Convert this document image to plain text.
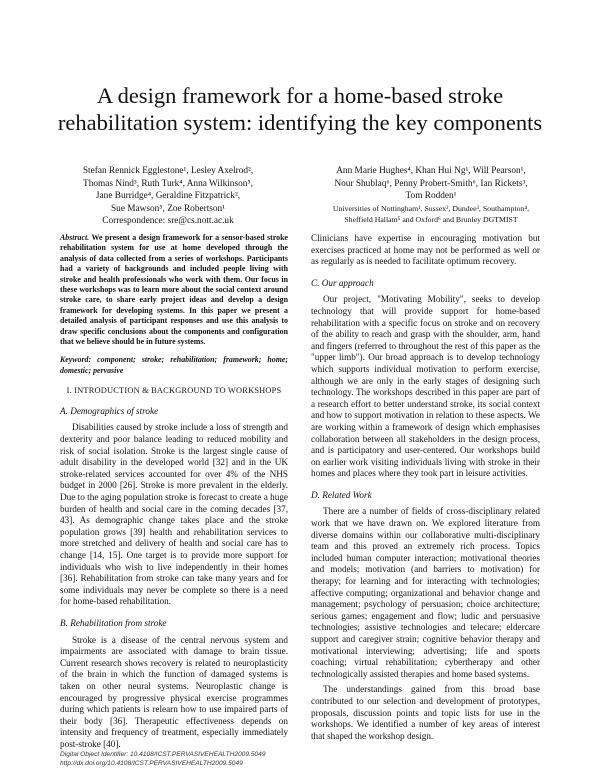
A design framework for a home-based stroke rehabilitation system: identifying the key components
Stefan Rennick Egglestone¹, Lesley Axelrod²,
Thomas Nind³, Ruth Turk⁴, Anna Wilkinson⁵,
Jane Burridge⁴, Geraldine Fitzpatrick²,
Sue Mawson⁵, Zoe Robertson¹
Correspondence: sre@cs.nott.ac.uk
Ann Marie Hughes⁴, Khan Hui Ng¹, Will Pearson¹,
Nour Shublaq⁶, Penny Probert-Smith⁶, Ian Rickets³,
Tom Rodden¹
Universities of Nottingham¹, Sussex², Dundee³, Southampton⁴,
Sheffield Hallam⁵ and Oxford⁶ and Brunley DGTMIST

Abstract. We present a design framework for a sensor-based stroke rehabilitation system for use at home developed through the analysis of data collected from a series of workshops. Participants had a variety of backgrounds and included people living with stroke and health professionals who work with them. Our focus in these workshops was to learn more about the social context around stroke care, to share early project ideas and develop a design framework for developing systems. In this paper we present a detailed analysis of participant responses and use this analysis to draw specific conclusions about the components and configuration that we believe should be in future systems.

Keyword: component; stroke; rehabilitation; framework; home; domestic; pervasive

I. INTRODUCTION & BACKGROUND TO WORKSHOPS

A. Demographics of stroke

Disabilities caused by stroke include a loss of strength and dexterity and poor balance leading to reduced mobility and risk of social isolation. Stroke is the largest single cause of adult disability in the developed world [32] and in the UK stroke-related services accounted for over 4% of the NHS budget in 2000 [26]. Stroke is more prevalent in the elderly. Due to the aging population stroke is forecast to create a huge burden of health and social care in the coming decades [37, 43]. As demographic change takes place and the stroke population grows [39] health and rehabilitation services to more stretched and delivery of health and social care has to change [14, 15]. One target is to provide more support for individuals who wish to live independently in their homes [36]. Rehabilitation from stroke can take many years and for some individuals may never be complete so there is a need for home-based rehabilitation.

B. Rehabilitation from stroke

Stroke is a disease of the central nervous system and impairments are associated with damage to brain tissue. Current research shows recovery is related to neuroplasticity of the brain in which the function of damaged systems is taken on other neural systems. Neuroplastic change is encouraged by progressive physical exercise programmes during which patients is relearn how to use impaired parts of their body [36]. Therapeutic effectiveness depends on intensity and frequency of treatment, especially immediately post-stroke [40].

Clinicians have expertise in encouraging motivation but exercises practiced at home may not be performed as well or as regularly as is needed to facilitate optimum recovery.

C. Our approach

Our project, "Motivating Mobility", seeks to develop technology that will provide support for home-based rehabilitation with a specific focus on stroke and on recovery of the ability to reach and grasp with the shoulder, arm, hand and fingers (referred to throughout the rest of this paper as the "upper limb"). Our broad approach is to develop technology which supports individual motivation to perform exercise, although we are only in the early stages of designing such technology. The workshops described in this paper are part of a research effort to better understand stroke, its social context and how to support motivation in relation to these aspects. We are working within a framework of design which emphasises collaboration between all stakeholders in the design process, and is participatory and user-centered. Our workshops build on earlier work visiting individuals living with stroke in their homes and places where they took part in leisure activities.

D. Related Work

There are a number of fields of cross-disciplinary related work that we have drawn on. We explored literature from diverse domains within our collaborative multi-disciplinary team and this proved an extremely rich process. Topics included human computer interaction; motivational theories and models; motivation (and barriers to motivation) for therapy; for learning and for interacting with technologies; affective computing; organizational and behavior change and management; psychology of persuasion; choice architecture; serious games; engagement and flow; ludic and persuasive technologies; assistive technologies and telecare; eldercare support and caregiver strain; cognitive behavior therapy and motivational interviewing; advertising; life and sports coaching; virtual rehabilitation; cybertherapy and other technologically assisted therapies and home based systems.

The understandings gained from this broad base contributed to our selection and development of prototypes, proposals, discussion points and topic lists for use in the workshops. We identified a number of key areas of interest that shaped the workshop design.

Digital Object Identifier: 10.4108/ICST.PERVASIVEHEALTH2009.5049
http://dx.doi.org/10.4108/ICST.PERVASIVEHEALTH2009.5049
